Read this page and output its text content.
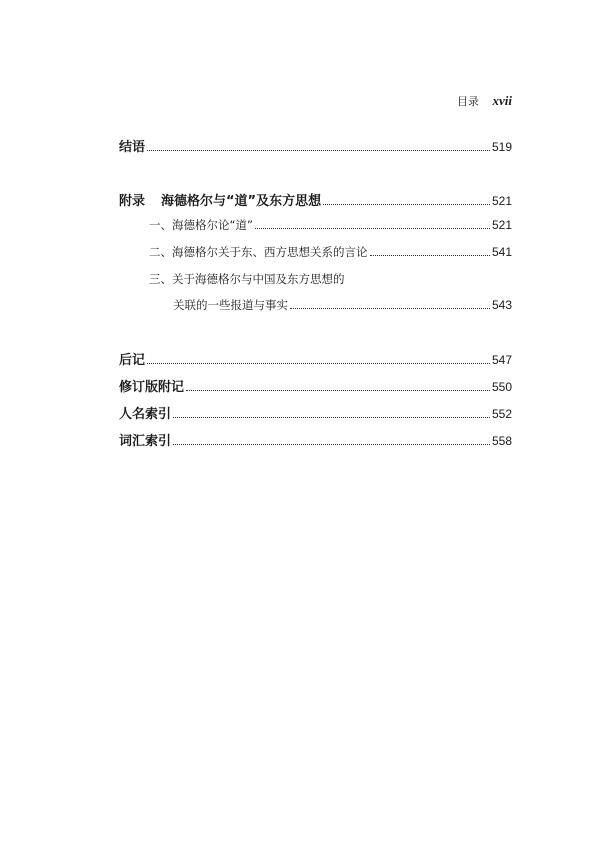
目录 xvii
结语	519
附录 海德格尔与“道”及东方思想	521
一、海德格尔论“道”	521
二、海德格尔关于东、西方思想关系的言论	541
三、关于海德格尔与中国及东方思想的
关联的一些报道与事实	543
后记	547
修订版附记	550
人名索引	552
词汇索引	558
